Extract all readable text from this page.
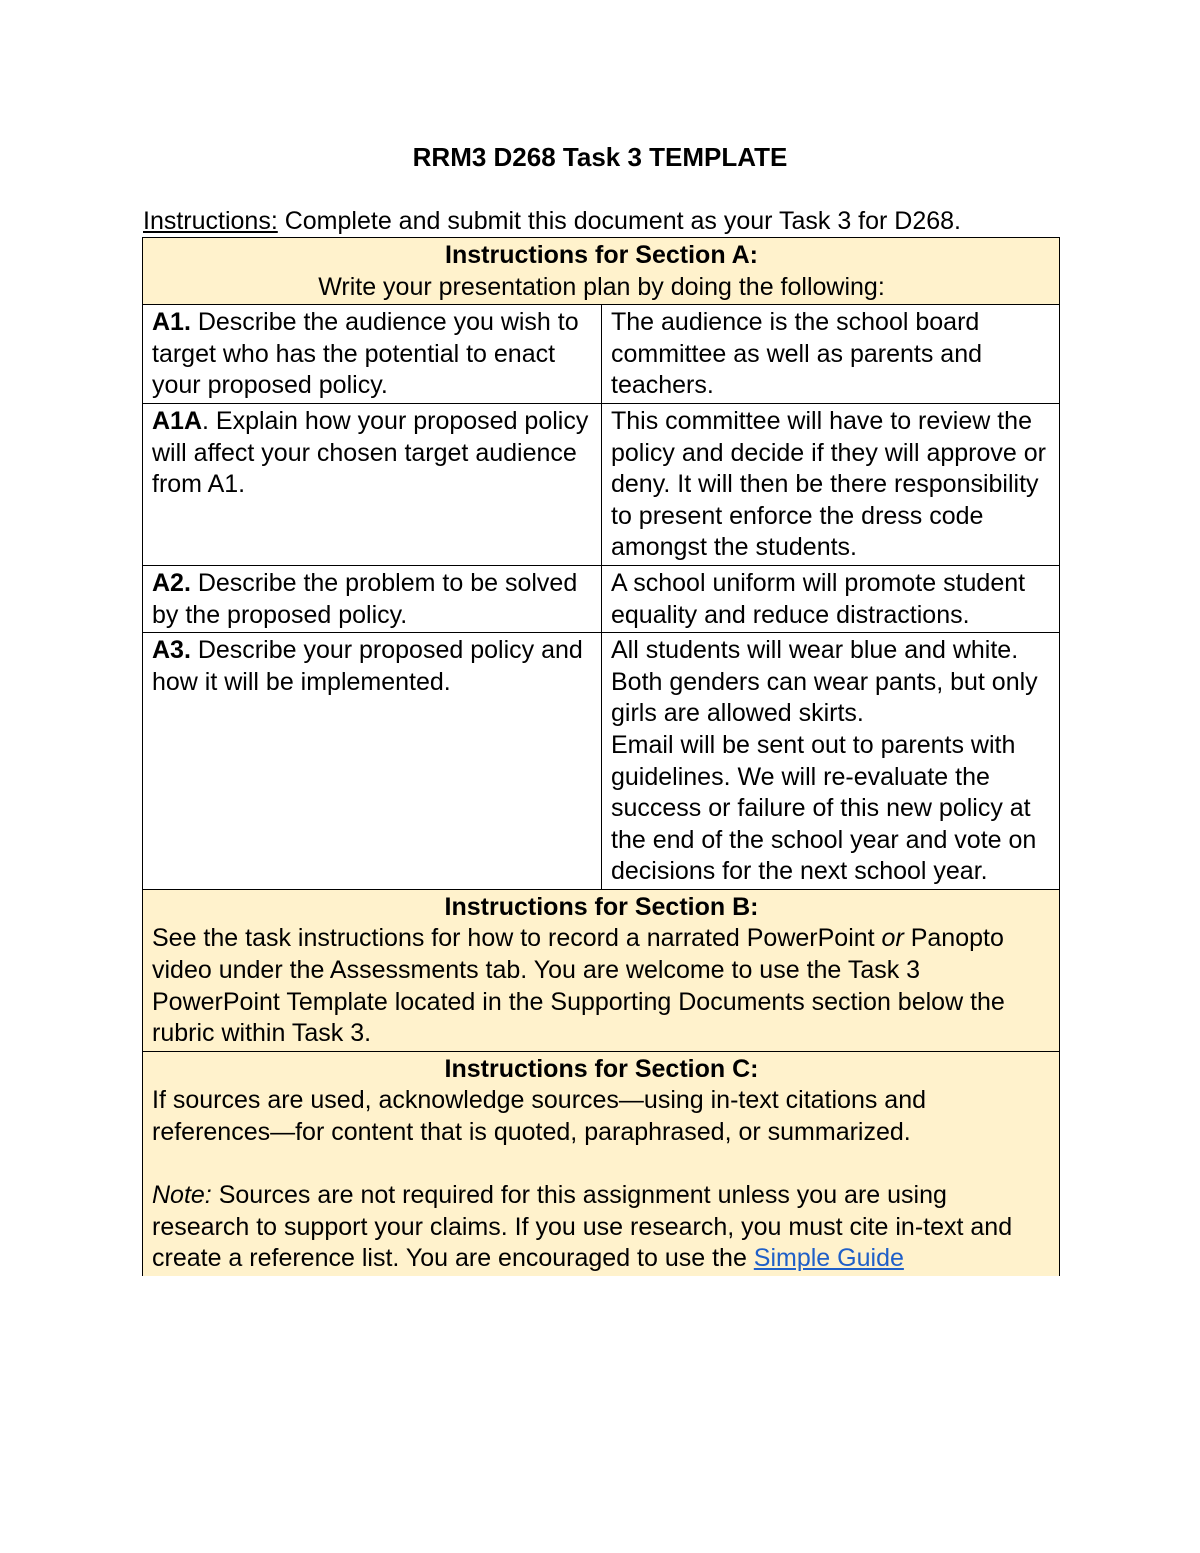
RRM3 D268 Task 3 TEMPLATE
Instructions: Complete and submit this document as your Task 3 for D268.
Instructions for Section A:
Write your presentation plan by doing the following:	

A1. Describe the audience you wish to target who has the potential to enact your proposed policy.	The audience is the school board committee as well as parents and teachers.
A1A. Explain how your proposed policy will affect your chosen target audience from A1.	This committee will have to review the policy and decide if they will approve or deny. It will then be there responsibility to present enforce the dress code amongst the students.
A2. Describe the problem to be solved by the proposed policy.	A school uniform will promote student equality and reduce distractions.
A3. Describe your proposed policy and how it will be implemented.	All students will wear blue and white. Both genders can wear pants, but only girls are allowed skirts.
Email will be sent out to parents with guidelines. We will re-evaluate the success or failure of this new policy at the end of the school year and vote on decisions for the next school year.

Instructions for Section B:
See the task instructions for how to record a narrated PowerPoint or Panopto video under the Assessments tab. You are welcome to use the Task 3 PowerPoint Template located in the Supporting Documents section below the rubric within Task 3.	

Instructions for Section C:
If sources are used, acknowledge sources—using in-text citations and references—for content that is quoted, paraphrased, or summarized.
Note: Sources are not required for this assignment unless you are using research to support your claims. If you use research, you must cite in-text and create a reference list. You are encouraged to use the Simple Guide	
